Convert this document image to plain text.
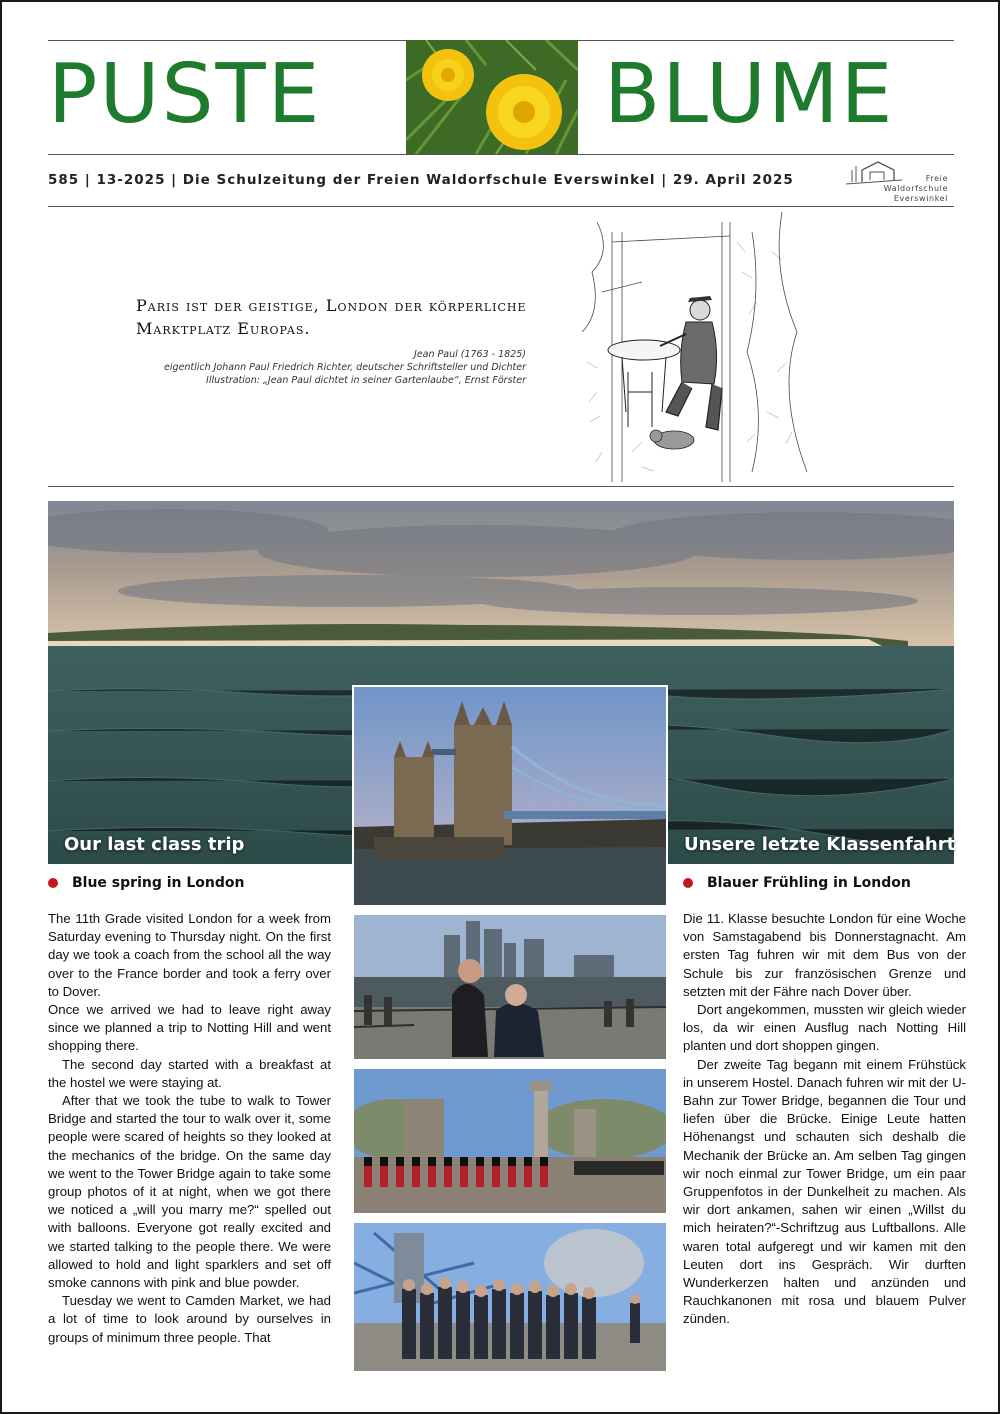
PUSTE	BLUME
585 | 13-2025 | Die Schulzeitung der Freien Waldorfschule Everswinkel | 29. April 2025	Freie
Waldorfschule
Everswinkel
Paris ist der geistige, London der körperliche Marktplatz Europas.
Jean Paul (1763 - 1825)
eigentlich Johann Paul Friedrich Richter, deutscher Schriftsteller und Dichter
Illustration: „Jean Paul dichtet in seiner Gartenlaube“, Ernst Förster
Our last class trip	Unsere letzte Klassenfahrt
Blue spring in London	Blauer Frühling in London

The 11th Grade visited London for a week from Saturday evening to Thursday night. On the first day we took a coach from the school all the way over to the France border and took a ferry over to Dover.

Once we arrived we had to leave right away since we planned a trip to Notting Hill and went shopping there.

The second day started with a breakfast at the hostel we were staying at.

After that we took the tube to walk to Tower Bridge and started the tour to walk over it, some people were scared of heights so they looked at the mechanics of the bridge. On the same day we went to the Tower Bridge again to take some group photos of it at night, when we got there we noticed a „will you marry me?“ spelled out with balloons. Everyone got really excited and we started talking to the people there. We were allowed to hold and light sparklers and set off smoke cannons with pink and blue powder.

Tuesday we went to Camden Market, we had a lot of time to look around by ourselves in groups of minimum three people. That

Die 11. Klasse besuchte London für eine Woche von Samstagabend bis Donnerstagnacht. Am ersten Tag fuhren wir mit dem Bus von der Schule bis zur französischen Grenze und setzten mit der Fähre nach Dover über.

Dort angekommen, mussten wir gleich wieder los, da wir einen Ausflug nach Notting Hill planten und dort shoppen gingen.

Der zweite Tag begann mit einem Frühstück in unserem Hostel. Danach fuhren wir mit der U-Bahn zur Tower Bridge, begannen die Tour und liefen über die Brücke. Einige Leute hatten Höhenangst und schauten sich deshalb die Mechanik der Brücke an. Am selben Tag gingen wir noch einmal zur Tower Bridge, um ein paar Gruppenfotos in der Dunkelheit zu machen. Als wir dort ankamen, sahen wir einen „Willst du mich heiraten?“-Schriftzug aus Luftballons. Alle waren total aufgeregt und wir kamen mit den Leuten dort ins Gespräch. Wir durften Wunderkerzen halten und anzünden und Rauchkanonen mit rosa und blauem Pulver zünden.
